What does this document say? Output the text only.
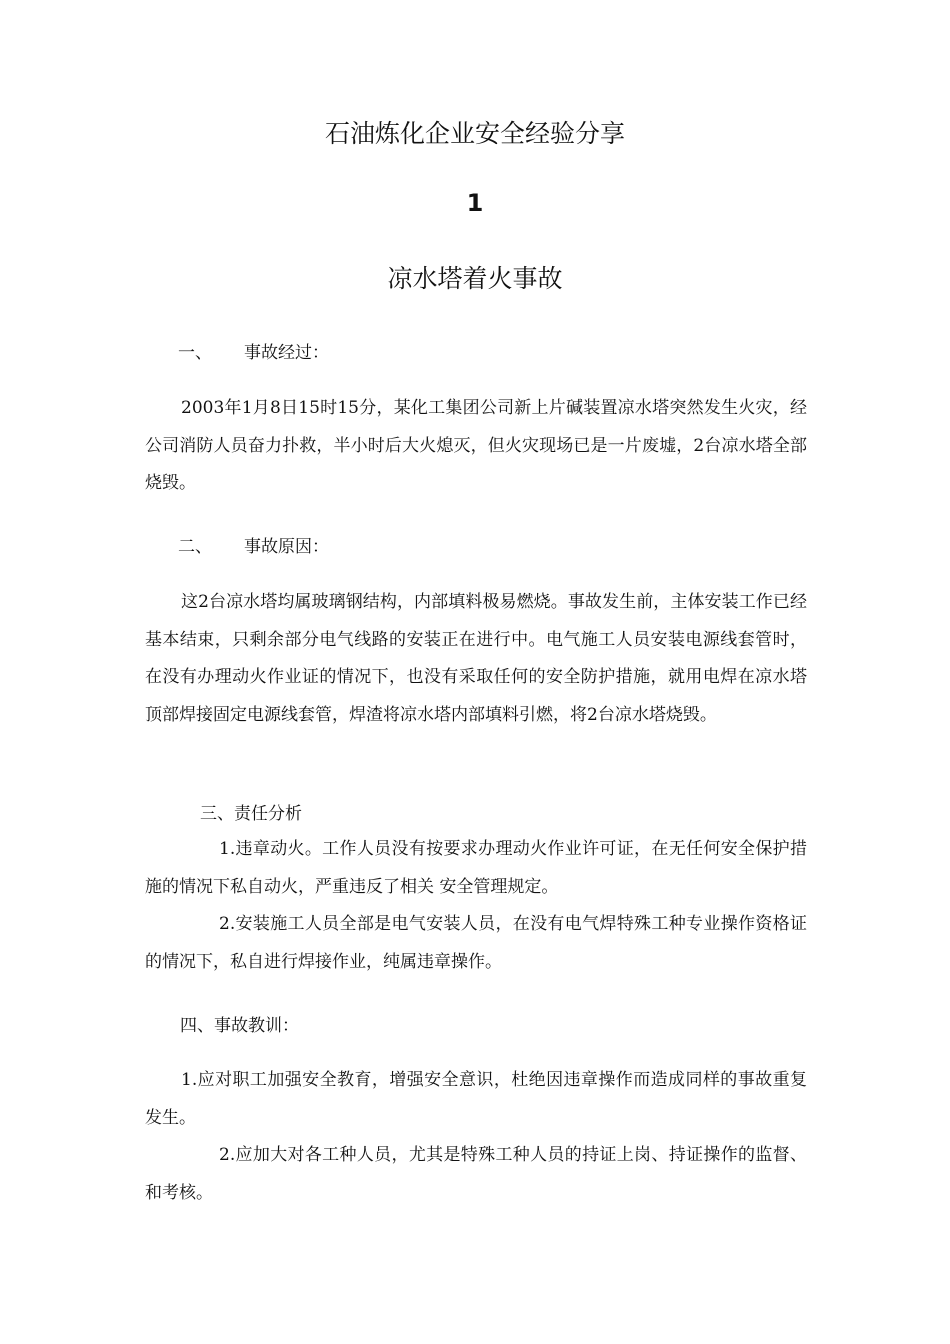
石油炼化企业安全经验分享
1
凉水塔着火事故
一、 事故经过：

2003年1月8日15时15分，某化工集团公司新上片碱装置凉水塔突然发生火灾，经公司消防人员奋力扑救，半小时后大火熄灭，但火灾现场已是一片废墟，2台凉水塔全部烧毁。

二、 事故原因：

这2台凉水塔均属玻璃钢结构，内部填料极易燃烧。事故发生前，主体安装工作已经基本结束，只剩余部分电气线路的安装正在进行中。电气施工人员安装电源线套管时，在没有办理动火作业证的情况下，也没有采取任何的安全防护措施，就用电焊在凉水塔顶部焊接固定电源线套管，焊渣将凉水塔内部填料引燃，将2台凉水塔烧毁。

三、责任分析

1.违章动火。工作人员没有按要求办理动火作业许可证，在无任何安全保护措施的情况下私自动火，严重违反了相关 安全管理规定。

2.安装施工人员全部是电气安装人员，在没有电气焊特殊工种专业操作资格证的情况下，私自进行焊接作业，纯属违章操作。

四、事故教训：

1.应对职工加强安全教育，增强安全意识，杜绝因违章操作而造成同样的事故重复发生。

2.应加大对各工种人员，尤其是特殊工种人员的持证上岗、持证操作的监督、和考核。
